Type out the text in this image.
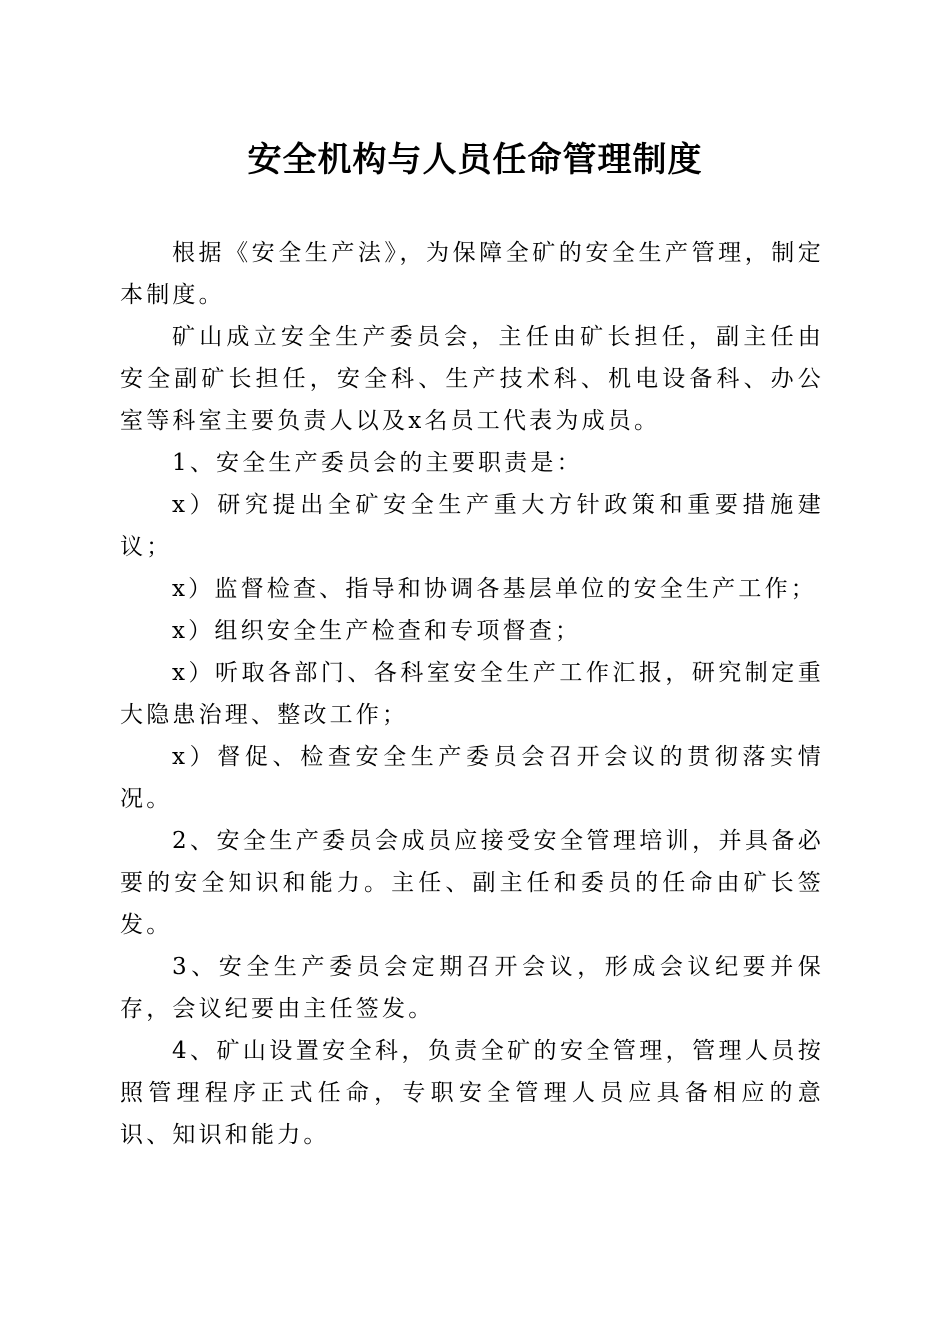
安全机构与人员任命管理制度

根据《安全生产法》，为保障全矿的安全生产管理，制定本制度。

矿山成立安全生产委员会，主任由矿长担任，副主任由安全副矿长担任，安全科、生产技术科、机电设备科、办公室等科室主要负责人以及x名员工代表为成员。

1、安全生产委员会的主要职责是：

x）研究提出全矿安全生产重大方针政策和重要措施建议；

x）监督检查、指导和协调各基层单位的安全生产工作；

x）组织安全生产检查和专项督查；

x）听取各部门、各科室安全生产工作汇报，研究制定重大隐患治理、整改工作；

x）督促、检查安全生产委员会召开会议的贯彻落实情况。

2、安全生产委员会成员应接受安全管理培训，并具备必要的安全知识和能力。主任、副主任和委员的任命由矿长签发。

3、安全生产委员会定期召开会议，形成会议纪要并保存，会议纪要由主任签发。

4、矿山设置安全科，负责全矿的安全管理，管理人员按照管理程序正式任命，专职安全管理人员应具备相应的意识、知识和能力。
